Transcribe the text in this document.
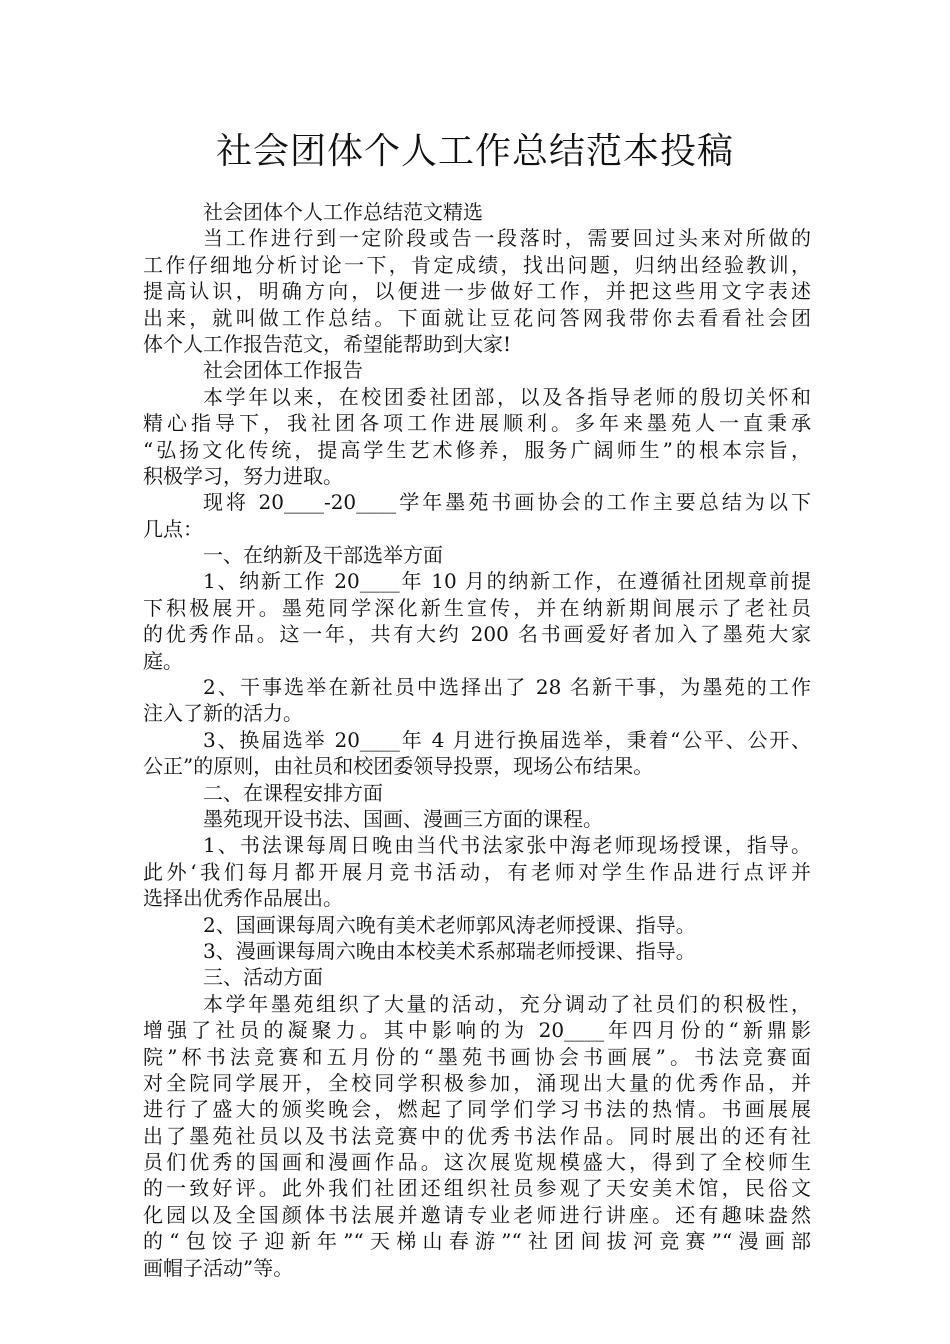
社会团体个人工作总结范本投稿
社会团体个人工作总结范文精选
当工作进行到一定阶段或告一段落时，需要回过头来对所做的
工作仔细地分析讨论一下，肯定成绩，找出问题，归纳出经验教训，
提高认识，明确方向，以便进一步做好工作，并把这些用文字表述
出来，就叫做工作总结。下面就让豆花问答网我带你去看看社会团
体个人工作报告范文，希望能帮助到大家!
社会团体工作报告
本学年以来，在校团委社团部，以及各指导老师的殷切关怀和
精心指导下，我社团各项工作进展顺利。多年来墨苑人一直秉承
“弘扬文化传统，提高学生艺术修养，服务广阔师生”的根本宗旨，
积极学习，努力进取。
现将 20____-20____学年墨苑书画协会的工作主要总结为以下
几点：
一、在纳新及干部选举方面
1、纳新工作 20____年 10 月的纳新工作，在遵循社团规章前提
下积极展开。墨苑同学深化新生宣传，并在纳新期间展示了老社员
的优秀作品。这一年，共有大约 200 名书画爱好者加入了墨苑大家
庭。
2、干事选举在新社员中选择出了 28 名新干事，为墨苑的工作
注入了新的活力。
3、换届选举 20____年 4 月进行换届选举，秉着“公平、公开、
公正”的原则，由社员和校团委领导投票，现场公布结果。
二、在课程安排方面
墨苑现开设书法、国画、漫画三方面的课程。
1、书法课每周日晚由当代书法家张中海老师现场授课，指导。
此外‘我们每月都开展月竞书活动，有老师对学生作品进行点评并
选择出优秀作品展出。
2、国画课每周六晚有美术老师郭风涛老师授课、指导。
3、漫画课每周六晚由本校美术系郝瑞老师授课、指导。
三、活动方面
本学年墨苑组织了大量的活动，充分调动了社员们的积极性，
增强了社员的凝聚力。其中影响的为 20____年四月份的“新鼎影
院”杯书法竞赛和五月份的“墨苑书画协会书画展”。书法竞赛面
对全院同学展开，全校同学积极参加，涌现出大量的优秀作品，并
进行了盛大的颁奖晚会，燃起了同学们学习书法的热情。书画展展
出了墨苑社员以及书法竞赛中的优秀书法作品。同时展出的还有社
员们优秀的国画和漫画作品。这次展览规模盛大，得到了全校师生
的一致好评。此外我们社团还组织社员参观了天安美术馆，民俗文
化园以及全国颜体书法展并邀请专业老师进行讲座。还有趣味盎然
的“包饺子迎新年”“天梯山春游”“社团间拔河竞赛”“漫画部
画帽子活动”等。
